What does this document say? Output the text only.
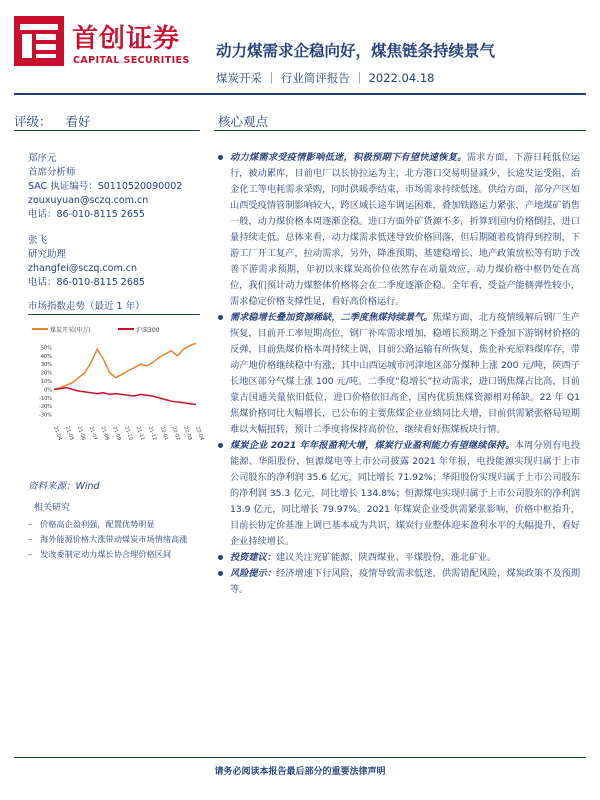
首创证券
CAPITAL SECURITIES
动力煤需求企稳向好，煤焦链条持续景气
煤炭开采 ｜ 行业简评报告 ｜ 2022.04.18
评级： 看好	核心观点
郑序元
首席分析师
SAC 执证编号：S0110520090002
zouxuyuan@sczq.com.cn
电话：86-010-8115 2655
张飞
研究助理
zhangfei@sczq.com.cn
电话：86-010-8115 2685
市场指数走势（最近 1 年）
煤炭开采(申万)	沪深300
50%
40%
30%
20%
10%
0%
-10%
-20%
-30%
21-04 21-05 21-06 21-07 21-08 21-09 21-10 21-11 21-12 22-01 22-02 22-03 22-04
资料来源：Wind
相关研究
– 价格高企盈利强，配置优势明显
– 海外能源价格大涨带动煤炭市场情绪高涨
– 发改委制定动力煤长协合理价格区间

动力煤需求受疫情影响低迷，积极预期下有望快速恢复。需求方面，下游日耗低位运行，被动累库，目前电厂以长协拉运为主，北方港口交易明显减少，长途发运受阻，冶金化工等电耗需求采购，同时供暖季结束，市场需求持续低迷。供给方面，部分产区如山西受疫情管制影响较大，跨区域长途车调运困难，叠加铁路运力紧张，产地煤矿销售一般，动力煤价格本周逐渐企稳。进口方面外矿货源不多，折算到国内价格倒挂，进口量持续走低。总体来看，动力煤需求低迷导致价格回落，但后期随着疫情得到控制，下游工厂开工复产，拉动需求，另外，降准预期、基建稳增长、地产政策放松等有助于改善下游需求预期，年初以来煤炭高价位依然存在动量效应，动力煤价格中枢仍处在高位，我们预计动力煤整体价格将会在二季度逐渐企稳。全年看，受益产能侧弹性较小，需求稳定价格支撑性足，看好高价格运行。

需求稳增长叠加资源稀缺，二季度焦煤持续景气。焦煤方面，北方疫情缓解后钢厂生产恢复，目前开工率短期高位，钢厂补库需求增加，稳增长预期之下叠加下游钢材价格的反弹，目前焦煤价格本周持续上调，目前公路运输有所恢复，焦企补充原料煤库存，带动产地价格继续稳中有涨，其中山西运城市河津地区部分煤种上涨 200 元/吨，陕西子长地区部分气煤上涨 100 元/吨。二季度“稳增长”拉动需求，进口钢焦煤占比高，目前蒙古国通关量依旧低位，进口价格依旧高企，国内优质焦煤资源相对稀缺。22 年 Q1 焦煤价格同比大幅增长，已公布的主要焦煤企业业绩同比大增，目前供需紧张格局短期难以大幅扭转，预计二季度将保持高价位，继续看好焦煤板块行情。

煤炭企业 2021 年年报盈利大增，煤炭行业盈利能力有望继续保持。本周分别有电投能源、华阳股份、恒源煤电等上市公司披露 2021 年年报，电投能源实现归属于上市公司股东的净利润 35.6 亿元，同比增长 71.92%；华阳股份实现归属于上市公司股东的净利润 35.3 亿元，同比增长 134.8%；恒源煤电实现归属于上市公司股东的净利润 13.9 亿元，同比增长 79.97%。2021 年煤炭企业受供需紧张影响，价格中枢抬升，目前长协定价基准上调已基本成为共识，煤炭行业整体迎来盈利水平的大幅提升，看好企业持续增长。

投资建议：建议关注兖矿能源、陕西煤业、平煤股份，淮北矿业。

风险提示：经济增速下行风险，疫情导致需求低迷，供需错配风险，煤炭政策不及预期等。

请务必阅读本报告最后部分的重要法律声明
